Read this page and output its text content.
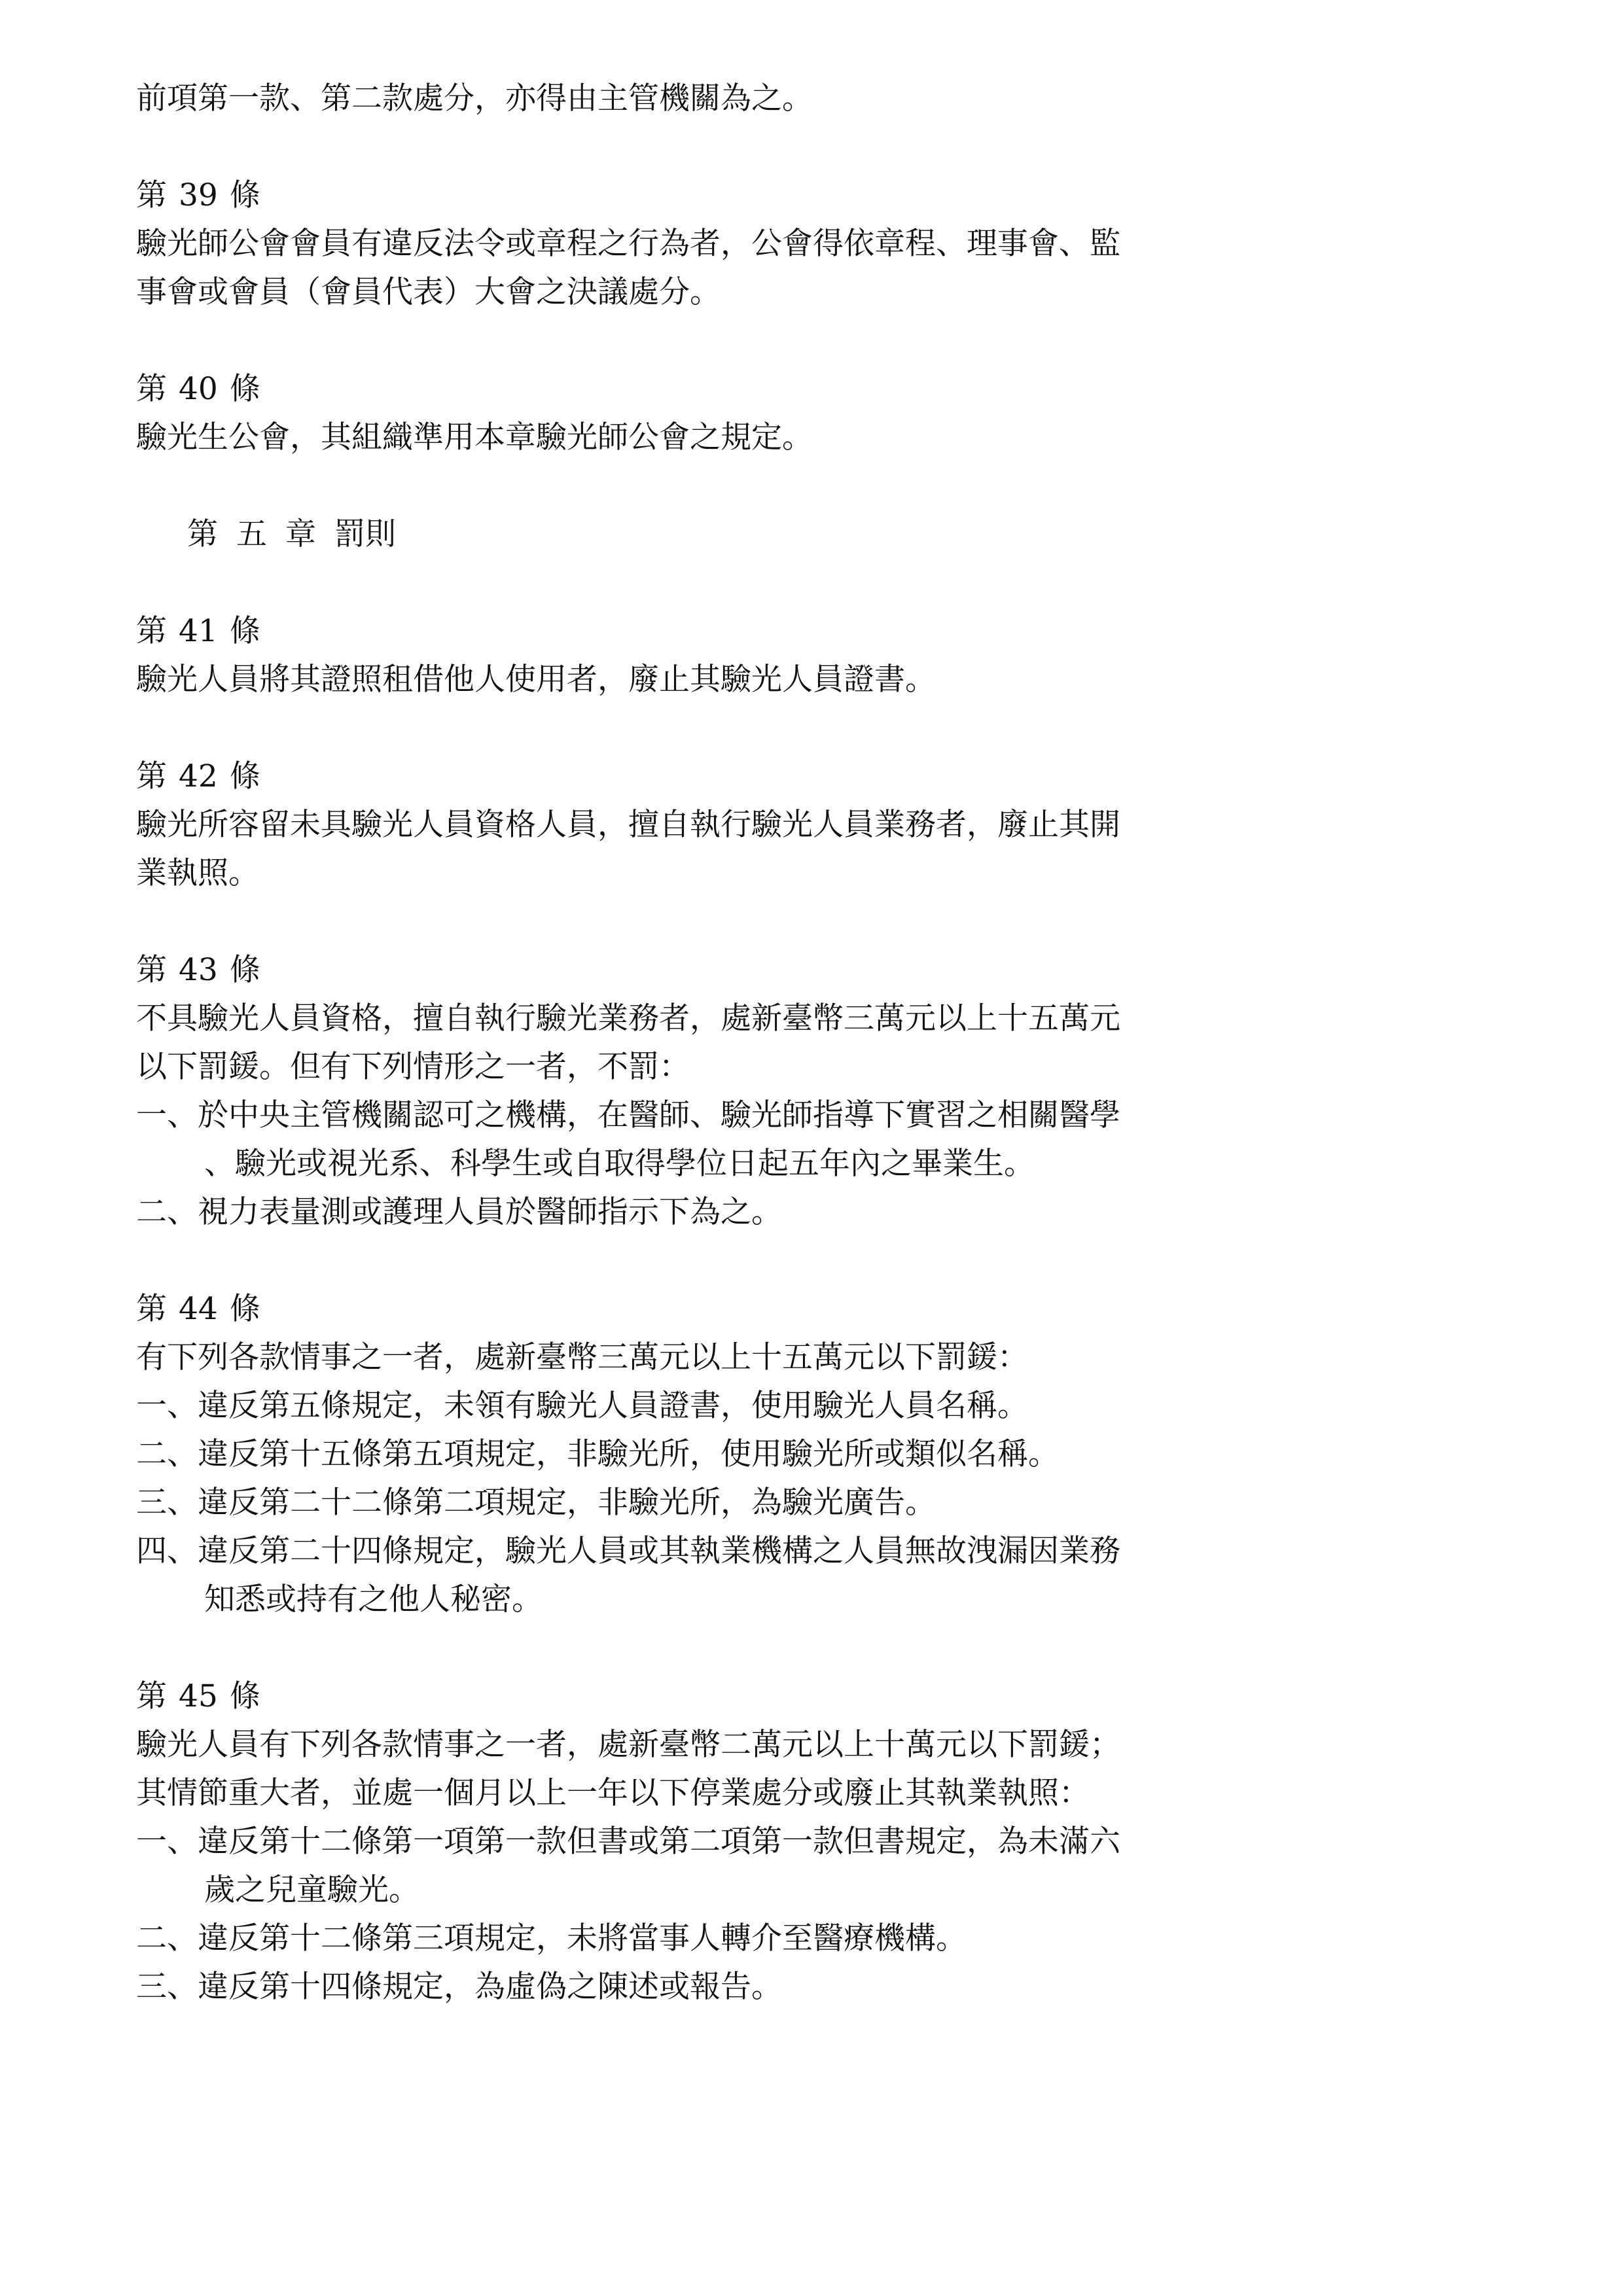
前項第一款、第二款處分，亦得由主管機關為之。
第 39 條
驗光師公會會員有違反法令或章程之行為者，公會得依章程、理事會、監
事會或會員（會員代表）大會之決議處分。
第 40 條
驗光生公會，其組織準用本章驗光師公會之規定。
第 五 章 罰則
第 41 條
驗光人員將其證照租借他人使用者，廢止其驗光人員證書。
第 42 條
驗光所容留未具驗光人員資格人員，擅自執行驗光人員業務者，廢止其開
業執照。
第 43 條
不具驗光人員資格，擅自執行驗光業務者，處新臺幣三萬元以上十五萬元
以下罰鍰。但有下列情形之一者，不罰：
一、於中央主管機關認可之機構，在醫師、驗光師指導下實習之相關醫學
、驗光或視光系、科學生或自取得學位日起五年內之畢業生。
二、視力表量測或護理人員於醫師指示下為之。
第 44 條
有下列各款情事之一者，處新臺幣三萬元以上十五萬元以下罰鍰：
一、違反第五條規定，未領有驗光人員證書，使用驗光人員名稱。
二、違反第十五條第五項規定，非驗光所，使用驗光所或類似名稱。
三、違反第二十二條第二項規定，非驗光所，為驗光廣告。
四、違反第二十四條規定，驗光人員或其執業機構之人員無故洩漏因業務
知悉或持有之他人秘密。
第 45 條
驗光人員有下列各款情事之一者，處新臺幣二萬元以上十萬元以下罰鍰；
其情節重大者，並處一個月以上一年以下停業處分或廢止其執業執照：
一、違反第十二條第一項第一款但書或第二項第一款但書規定，為未滿六
歲之兒童驗光。
二、違反第十二條第三項規定，未將當事人轉介至醫療機構。
三、違反第十四條規定，為虛偽之陳述或報告。
